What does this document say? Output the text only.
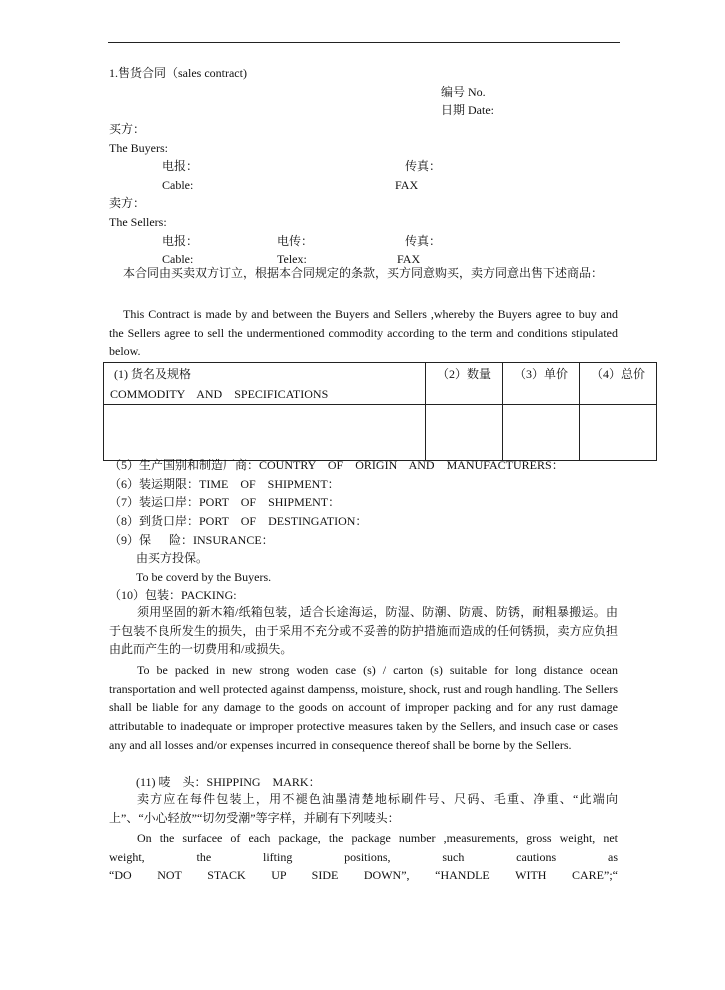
1.售货合同（sales contract)
编号 No.
日期 Date:
买方：
The Buyers:
电报：	传真：
Cable:	FAX
卖方：
The Sellers:
电报：	电传：	传真：
Cable:	Telex:	FAX
本合同由买卖双方订立，根据本合同规定的条款，买方同意购买，卖方同意出售下述商品：
This Contract is made by and between the Buyers and Sellers ,whereby the Buyers agree to buy and the Sellers agree to sell the undermentioned commodity according to the term and conditions stipulated below.
(1) 货名及规格
COMMODITY    AND    SPECIFICATIONS	（2）数量	（3）单价	（4）总价

（5）生产国别和制造厂商：COUNTRY    OF    ORIGIN    AND    MANUFACTURERS：
（6）装运期限：TIME    OF    SHIPMENT：
（7）装运口岸：PORT    OF    SHIPMENT：
（8）到货口岸：PORT    OF    DESTINGATION：
（9）保      险：INSURANCE：
由买方投保。
To be coverd by the Buyers.
（10）包装：PACKING:
须用坚固的新木箱/纸箱包装，适合长途海运，防湿、防潮、防震、防锈，耐粗暴搬运。由于包装不良所发生的损失，由于采用不充分或不妥善的防护措施而造成的任何锈损，卖方应负担由此而产生的一切费用和/或损失。
To be packed in new strong woden case (s) / carton (s) suitable for long distance ocean transportation and well protected against dampenss, moisture, shock, rust and rough handling. The Sellers shall be liable for any damage to the goods on account of improper packing and for any rust damage attributable to inadequate or improper protective measures taken by the Sellers, and insuch case or cases any and all losses and/or expenses incurred in consequence thereof shall be borne by the Sellers.
(11) 唛    头：SHIPPING    MARK：
卖方应在每件包装上，用不褪色油墨清楚地标刷件号、尺码、毛重、净重、“此端向上”、“小心轻放”“切勿受潮”等字样，并刷有下列唛头：
On the surfacee of each package, the package number ,measurements, gross weight, net
weight, the lifting positions, such cautions as
“DO NOT STACK UP SIDE DOWN”, “HANDLE WITH CARE”;“
